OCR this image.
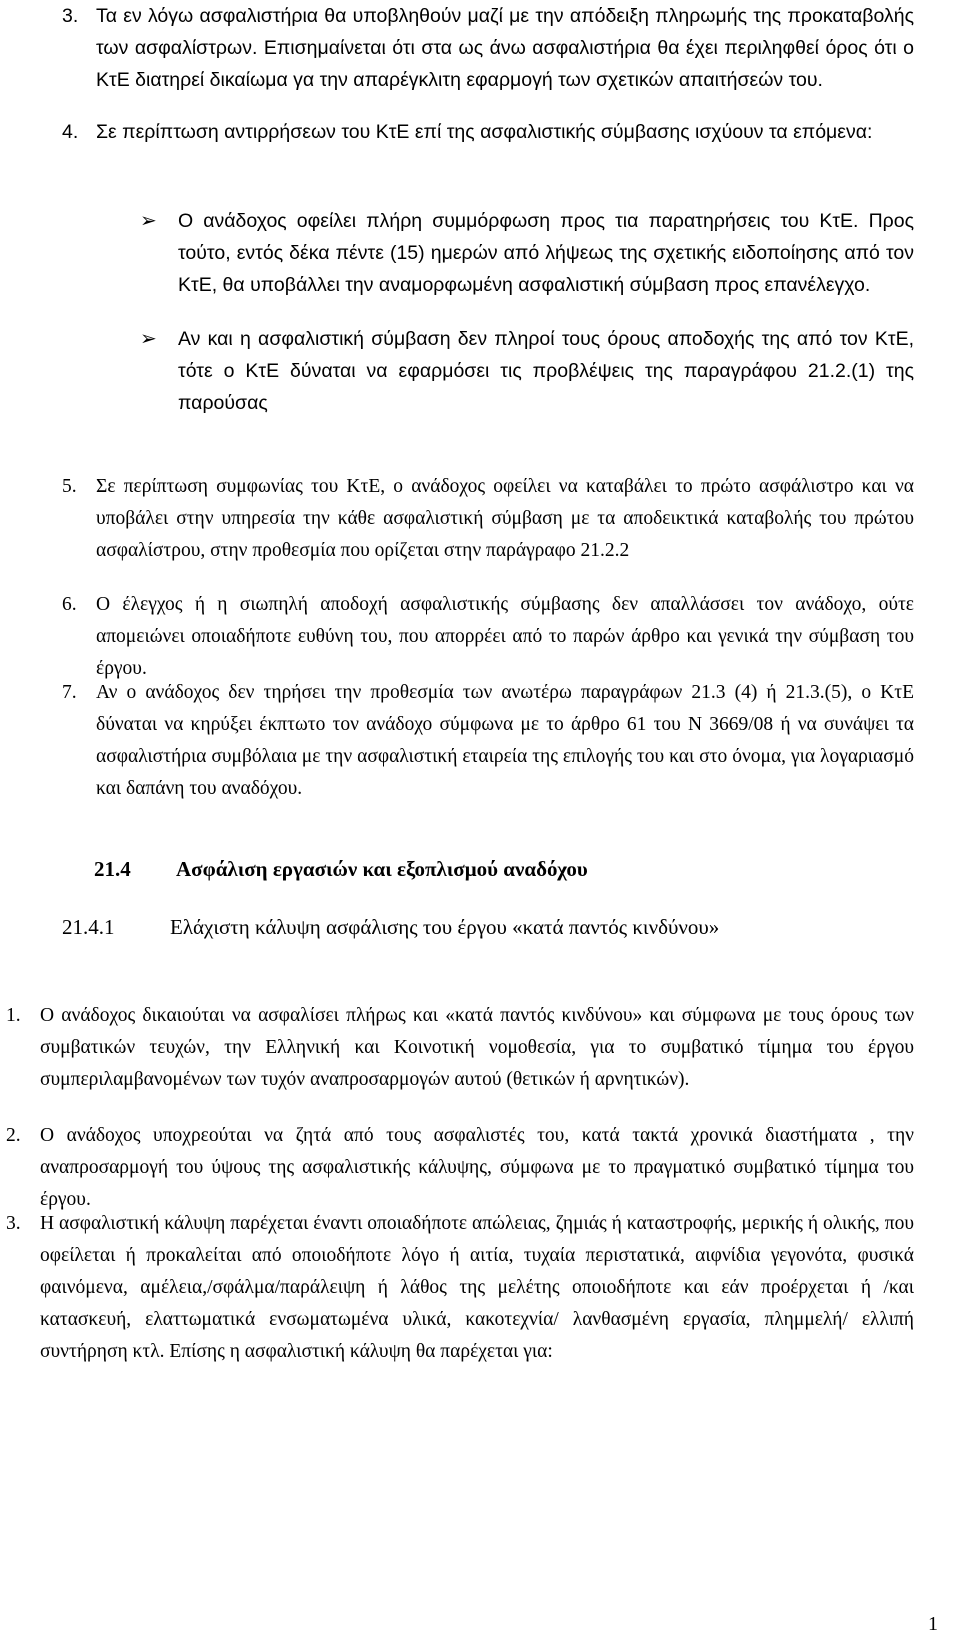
3. Τα εν λόγω ασφαλιστήρια θα υποβληθούν μαζί με την απόδειξη πληρωμής της προκαταβολής των ασφαλίστρων. Επισημαίνεται ότι στα ως άνω ασφαλιστήρια θα έχει περιληφθεί όρος ότι ο ΚτΕ διατηρεί δικαίωμα γα την απαρέγκλιτη εφαρμογή των σχετικών απαιτήσεών του.

4. Σε περίπτωση αντιρρήσεων του ΚτΕ επί της ασφαλιστικής σύμβασης ισχύουν τα επόμενα:

➢ Ο ανάδοχος οφείλει πλήρη συμμόρφωση προς τια παρατηρήσεις του ΚτΕ. Προς τούτο, εντός δέκα πέντε (15) ημερών από λήψεως της σχετικής ειδοποίησης από τον ΚτΕ, θα υποβάλλει την αναμορφωμένη ασφαλιστική σύμβαση προς επανέλεγχο.

➢ Αν και η ασφαλιστική σύμβαση δεν πληροί τους όρους αποδοχής της από τον ΚτΕ, τότε ο ΚτΕ δύναται να εφαρμόσει τις προβλέψεις της παραγράφου 21.2.(1) της παρούσας

5. Σε περίπτωση συμφωνίας του ΚτΕ, ο ανάδοχος οφείλει να καταβάλει το πρώτο ασφάλιστρο και να υποβάλει στην υπηρεσία την κάθε ασφαλιστική σύμβαση με τα αποδεικτικά καταβολής του πρώτου ασφαλίστρου, στην προθεσμία που ορίζεται στην παράγραφο 21.2.2

6. Ο έλεγχος ή η σιωπηλή αποδοχή ασφαλιστικής σύμβασης δεν απαλλάσσει τον ανάδοχο, ούτε απομειώνει οποιαδήποτε ευθύνη του, που απορρέει από το παρών άρθρο και γενικά την σύμβαση του έργου.

7. Αν ο ανάδοχος δεν τηρήσει την προθεσμία των ανωτέρω παραγράφων 21.3 (4) ή 21.3.(5), ο ΚτΕ δύναται να κηρύξει έκπτωτο τον ανάδοχο σύμφωνα με το άρθρο 61 του Ν 3669/08 ή να συνάψει τα ασφαλιστήρια συμβόλαια με την ασφαλιστική εταιρεία της επιλογής του και στο όνομα, για λογαριασμό και δαπάνη του αναδόχου.

21.4 Ασφάλιση εργασιών και εξοπλισμού αναδόχου
21.4.1	Ελάχιστη κάλυψη ασφάλισης του έργου «κατά παντός κινδύνου»
1. Ο ανάδοχος δικαιούται να ασφαλίσει πλήρως και «κατά παντός κινδύνου» και σύμφωνα με τους όρους των συμβατικών τευχών, την Ελληνική και Κοινοτική νομοθεσία, για το συμβατικό τίμημα του έργου συμπεριλαμβανομένων των τυχόν αναπροσαρμογών αυτού (θετικών ή αρνητικών).

2. Ο ανάδοχος υποχρεούται να ζητά από τους ασφαλιστές του, κατά τακτά χρονικά διαστήματα , την αναπροσαρμογή του ύψους της ασφαλιστικής κάλυψης, σύμφωνα με το πραγματικό συμβατικό τίμημα του έργου.

3. Η ασφαλιστική κάλυψη παρέχεται έναντι οποιαδήποτε απώλειας, ζημιάς ή καταστροφής, μερικής ή ολικής, που οφείλεται ή προκαλείται από οποιοδήποτε λόγο ή αιτία, τυχαία περιστατικά, αιφνίδια γεγονότα, φυσικά φαινόμενα, αμέλεια,/σφάλμα/παράλειψη ή λάθος της μελέτης οποιοδήποτε και εάν προέρχεται ή /και κατασκευή, ελαττωματικά ενσωματωμένα υλικά, κακοτεχνία/ λανθασμένη εργασία, πλημμελή/ ελλιπή συντήρηση κτλ. Επίσης η ασφαλιστική κάλυψη θα παρέχεται για:

1
